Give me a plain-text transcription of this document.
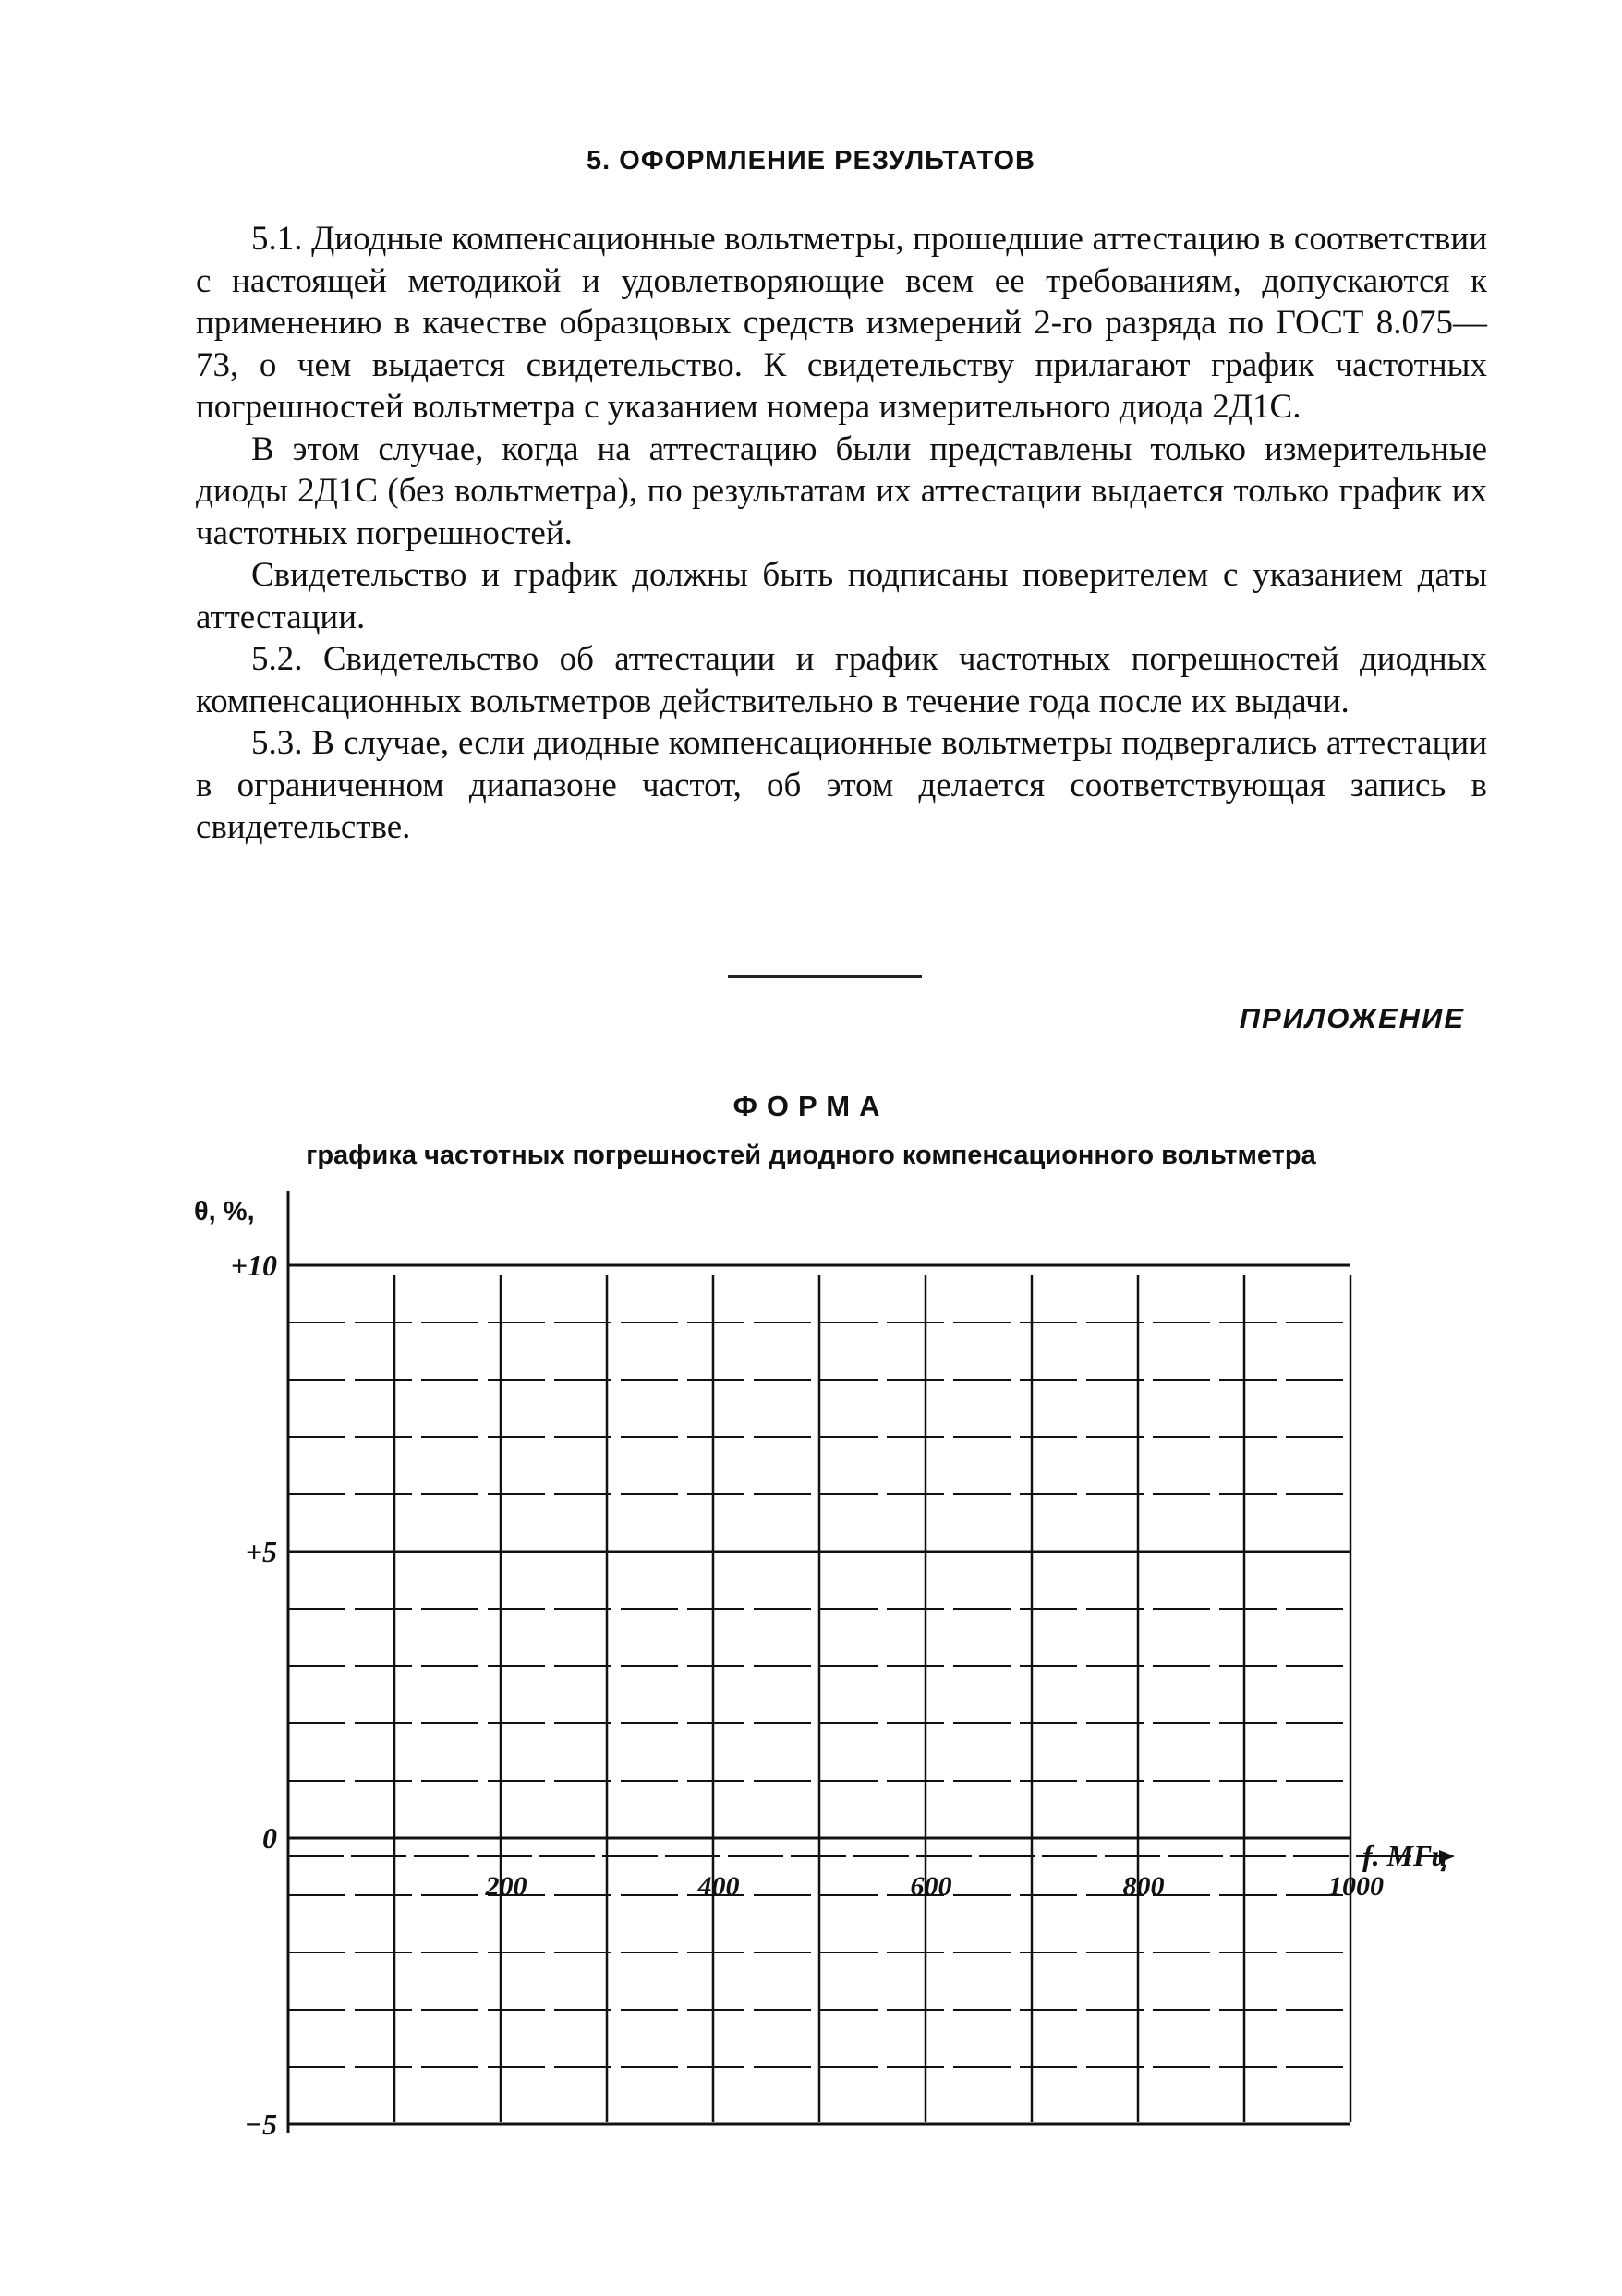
5. ОФОРМЛЕНИЕ РЕЗУЛЬТАТОВ

5.1. Диодные компенсационные вольтметры, прошедшие аттестацию в соответствии с настоящей методикой и удовлетворяющие всем ее требованиям, допускаются к применению в качестве образцовых средств измерений 2-го разряда по ГОСТ 8.075—73, о чем выдается свидетельство. К свидетельству прилагают график частотных погрешностей вольтметра с указанием номера измерительного диода 2Д1С.

В этом случае, когда на аттестацию были представлены только измерительные диоды 2Д1С (без вольтметра), по результатам их аттестации выдается только график их частотных погрешностей.

Свидетельство и график должны быть подписаны поверителем с указанием даты аттестации.

5.2. Свидетельство об аттестации и график частотных погрешностей диодных компенсационных вольтметров действительно в течение года после их выдачи.

5.3. В случае, если диодные компенсационные вольтметры подвергались аттестации в ограниченном диапазоне частот, об этом делается соответствующая запись в свидетельстве.

ПРИЛОЖЕНИЕ
ФОРМА
графика частотных погрешностей диодного компенсационного вольтметра
θ, %,
+10
+5
0
−5
200	400	600	800	1000
f. МГц
